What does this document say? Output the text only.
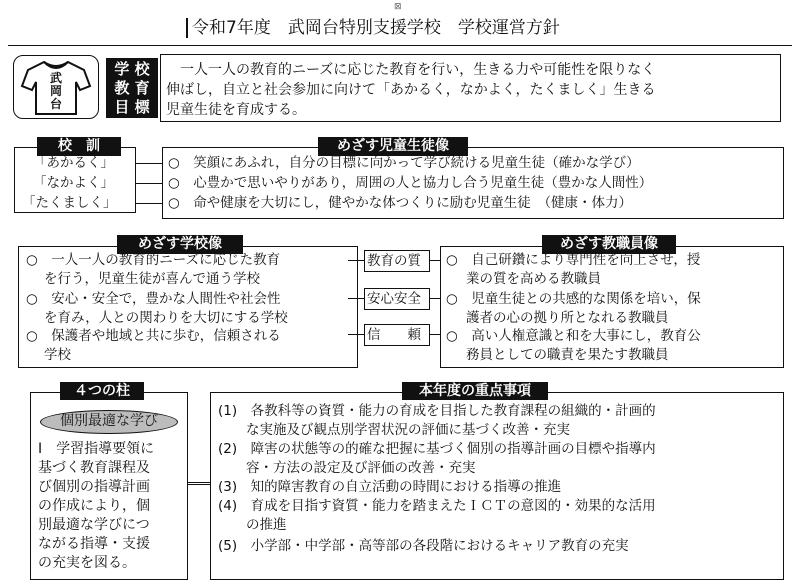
⊠
令和7年度　武岡台特別支援学校　学校運営方針
武岡台
学 校
教 育
目 標
　一人一人の教育的ニーズに応じた教育を行い，生きる力や可能性を限りなく
伸ばし，自立と社会参加に向けて「あかるく，なかよく，たくましく」生きる
児童生徒を育成する。
校　訓
「あかるく」
「なかよく」
「たくましく」
めざす児童生徒像
○　笑顔にあふれ，自分の目標に向かって学び続ける児童生徒（確かな学び）
○　心豊かで思いやりがあり，周囲の人と協力し合う児童生徒（豊かな人間性）
○　命や健康を大切にし，健やかな体つくりに励む児童生徒　（健康・体力）
めざす学校像
○　一人一人の教育的ニーズに応じた教育
を行う，児童生徒が喜んで通う学校
○　安心・安全で，豊かな人間性や社会性
を育み，人との関わりを大切にする学校
○　保護者や地域と共に歩む，信頼される
学校
教育の質
安心安全
信　　頼
めざす教職員像
○　自己研鑽により専門性を向上させ，授
業の質を高める教職員
○　児童生徒との共感的な関係を培い，保
護者の心の拠り所となれる教職員
○　高い人権意識と和を大事にし，教育公
務員としての職責を果たす教職員
４つの柱
個別最適な学び
Ⅰ　学習指導要領に
基づく教育課程及
び個別の指導計画
の作成により，個
別最適な学びにつ
ながる指導・支援
の充実を図る。
本年度の重点事項
(1)　各教科等の資質・能力の育成を目指した教育課程の組織的・計画的
な実施及び観点別学習状況の評価に基づく改善・充実
(2)　障害の状態等の的確な把握に基づく個別の指導計画の目標や指導内
容・方法の設定及び評価の改善・充実
(3)　知的障害教育の自立活動の時間における指導の推進
(4)　育成を目指す資質・能力を踏まえたＩＣＴの意図的・効果的な活用
の推進
(5)　小学部・中学部・高等部の各段階におけるキャリア教育の充実
